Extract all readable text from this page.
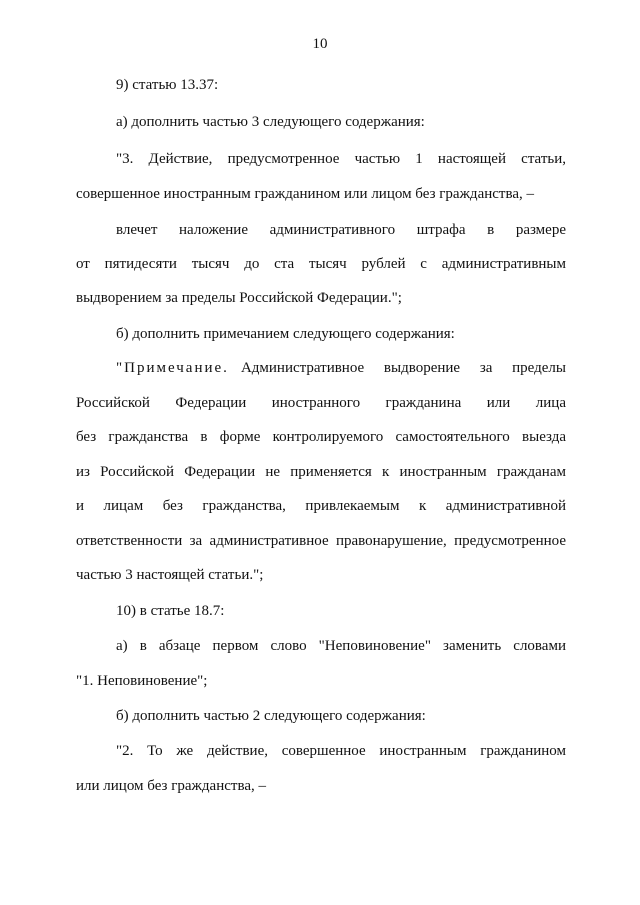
10
9) статью 13.37:
а) дополнить частью 3 следующего содержания:
"3. Действие, предусмотренное частью 1 настоящей статьи,
совершенное иностранным гражданином или лицом без гражданства, –
влечет наложение административного штрафа в размере
от пятидесяти тысяч до ста тысяч рублей с административным
выдворением за пределы Российской Федерации.";
б) дополнить примечанием следующего содержания:
"Примечание. Административное выдворение за пределы
Российской Федерации иностранного гражданина или лица
без гражданства в форме контролируемого самостоятельного выезда
из Российской Федерации не применяется к иностранным гражданам
и лицам без гражданства, привлекаемым к административной
ответственности за административное правонарушение, предусмотренное
частью 3 настоящей статьи.";
10) в статье 18.7:
а) в абзаце первом слово "Неповиновение" заменить словами
"1. Неповиновение";
б) дополнить частью 2 следующего содержания:
"2. То же действие, совершенное иностранным гражданином
или лицом без гражданства, –
